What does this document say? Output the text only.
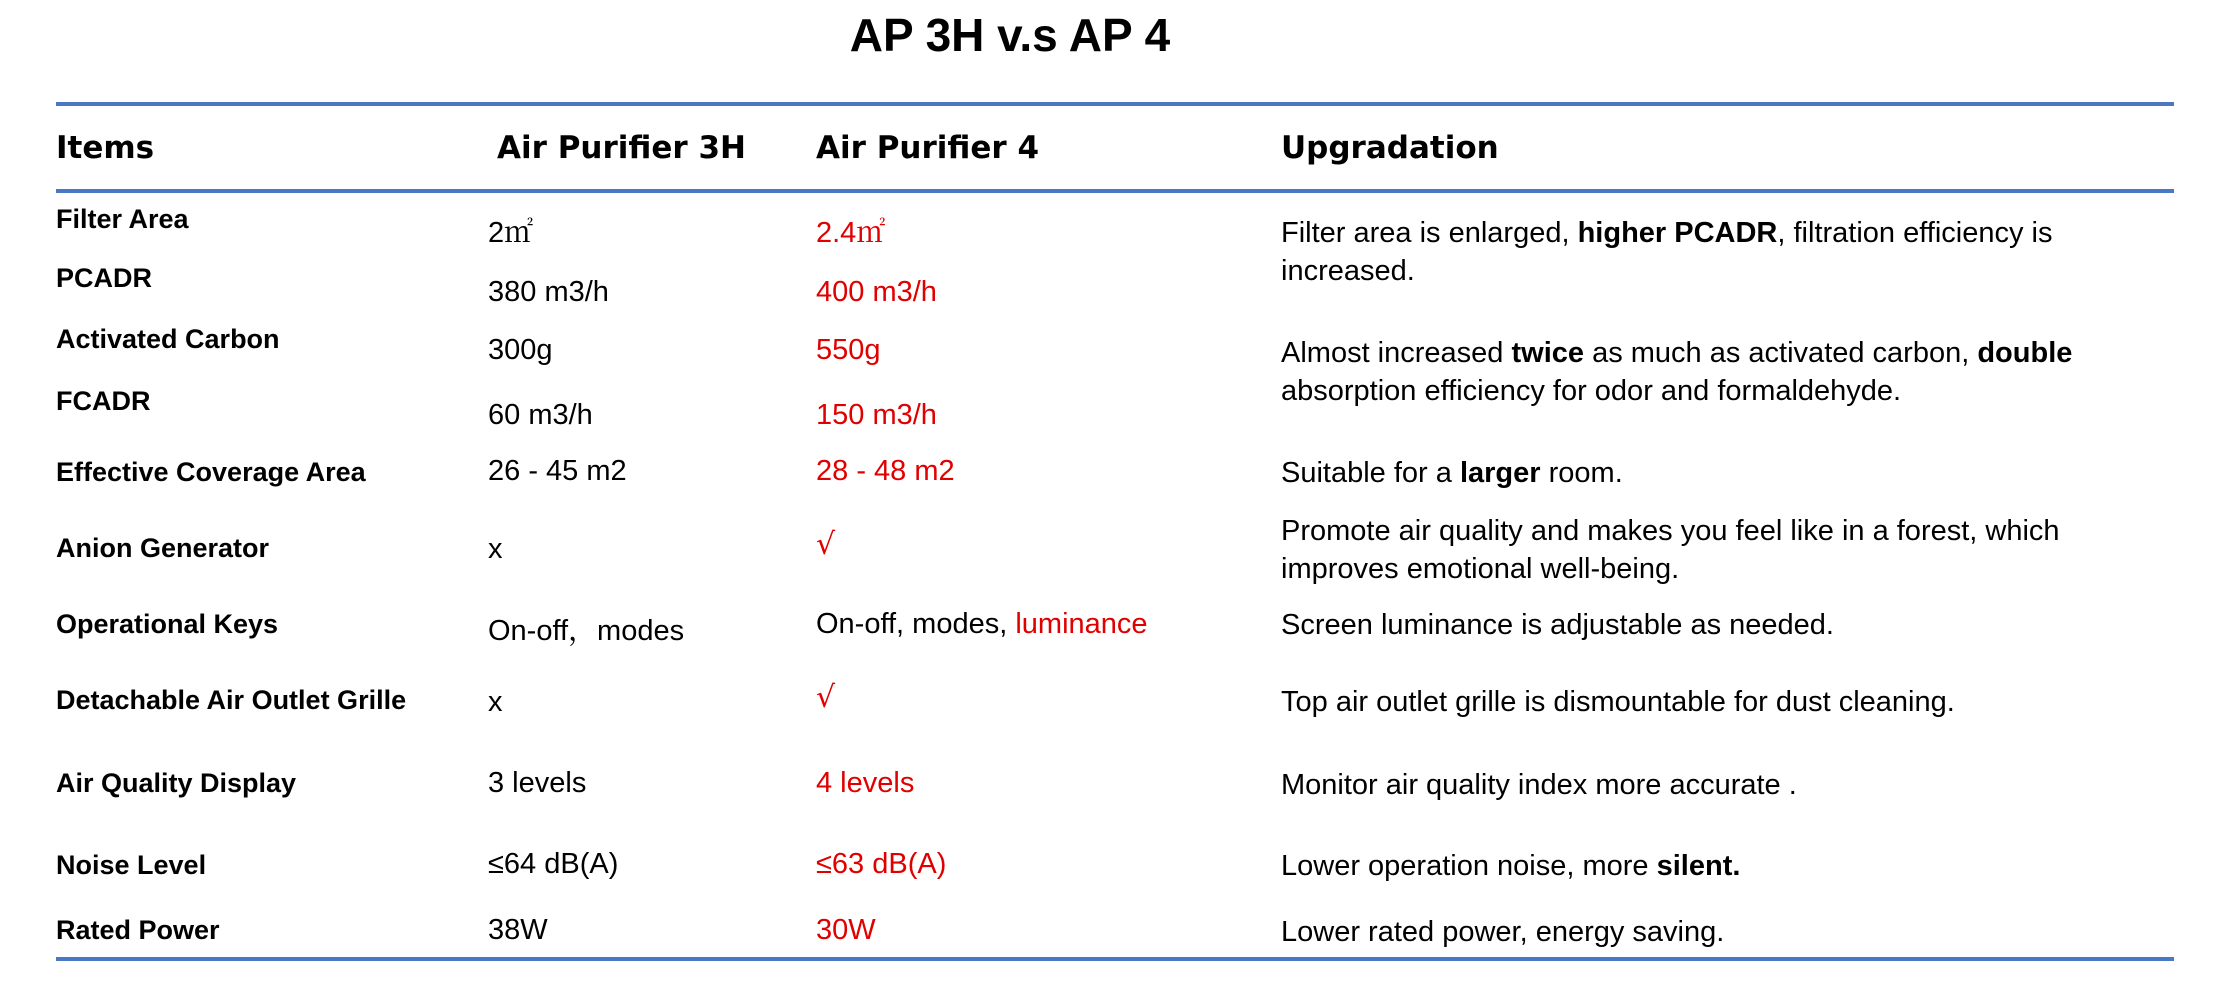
AP 3H v.s AP 4
Items	Air Purifier 3H Air Purifier 4	Upgradation
Filter Area	2㎡	2.4㎡
PCADR	380 m3/h	400 m3/h
Filter area is enlarged, higher PCADR, filtration efficiency is increased.
Activated Carbon	300g	550g
FCADR	60 m3/h	150 m3/h
Almost increased twice as much as activated carbon, double absorption efficiency for odor and formaldehyde.
Effective Coverage Area	26 - 45 m2	28 - 48 m2	Suitable for a larger room.
Anion Generator	x	√	Promote air quality and makes you feel like in a forest, which improves emotional well-being.
Operational Keys	On-off，modes	On-off, modes, luminance	Screen luminance is adjustable as needed.
Detachable Air Outlet Grille	x	√	Top air outlet grille is dismountable for dust cleaning.
Air Quality Display	3 levels	4 levels	Monitor air quality index more accurate .
Noise Level	≤64 dB(A)	≤63 dB(A)	Lower operation noise, more silent.
Rated Power	38W	30W	Lower rated power, energy saving.
